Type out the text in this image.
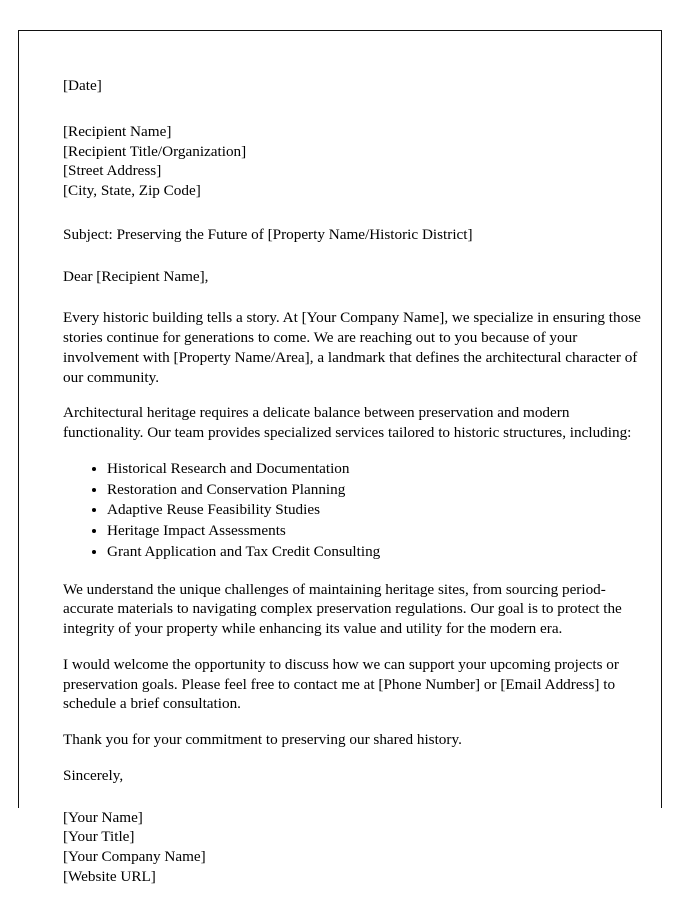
[Date]
[Recipient Name]
[Recipient Title/Organization]
[Street Address]
[City, State, Zip Code]
Subject: Preserving the Future of [Property Name/Historic District]
Dear [Recipient Name],

Every historic building tells a story. At [Your Company Name], we specialize in ensuring those stories continue for generations to come. We are reaching out to you because of your involvement with [Property Name/Area], a landmark that defines the architectural character of our community.

Architectural heritage requires a delicate balance between preservation and modern functionality. Our team provides specialized services tailored to historic structures, including:

• Historical Research and Documentation
• Restoration and Conservation Planning
• Adaptive Reuse Feasibility Studies
• Heritage Impact Assessments
• Grant Application and Tax Credit Consulting

We understand the unique challenges of maintaining heritage sites, from sourcing period-accurate materials to navigating complex preservation regulations. Our goal is to protect the integrity of your property while enhancing its value and utility for the modern era.

I would welcome the opportunity to discuss how we can support your upcoming projects or preservation goals. Please feel free to contact me at [Phone Number] or [Email Address] to schedule a brief consultation.

Thank you for your commitment to preserving our shared history.

Sincerely,
[Your Name]
[Your Title]
[Your Company Name]
[Website URL]
